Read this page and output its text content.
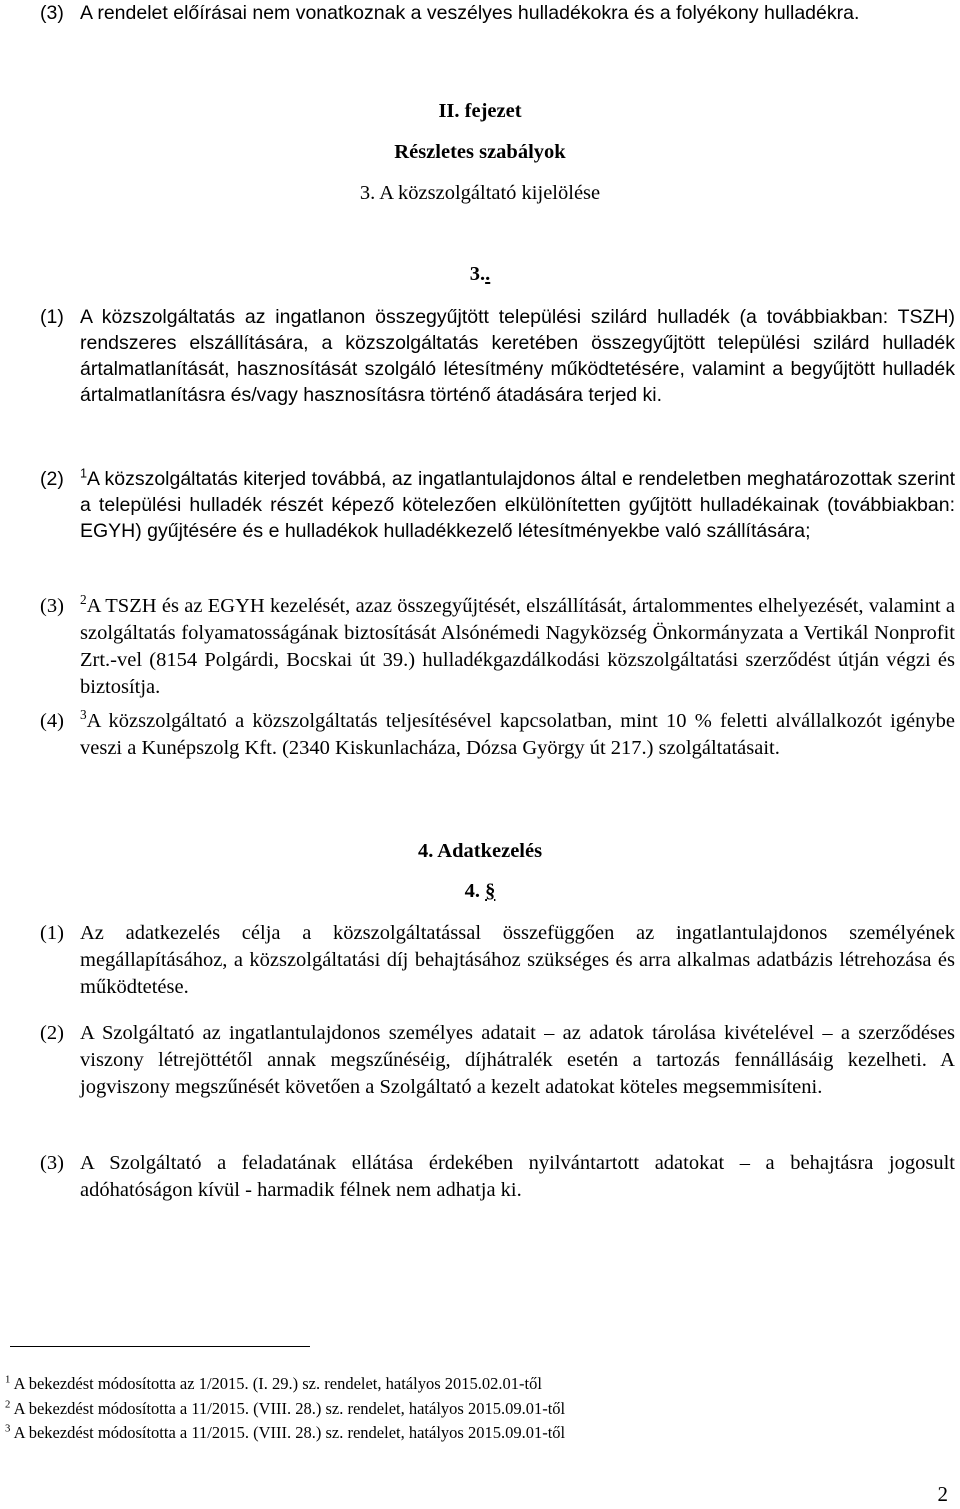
(3) A rendelet előírásai nem vonatkoznak a veszélyes hulladékokra és a folyékony hulladékra.
II. fejezet
Részletes szabályok
3. A közszolgáltató kijelölése
3..
(1) A közszolgáltatás az ingatlanon összegyűjtött települési szilárd hulladék (a továbbiakban: TSZH) rendszeres elszállítására, a közszolgáltatás keretében összegyűjtött települési szilárd hulladék ártalmatlanítását, hasznosítását szolgáló létesítmény működtetésére, valamint a begyűjtött hulladék ártalmatlanításra és/vagy hasznosításra történő átadására terjed ki.
(2)	$^1$A közszolgáltatás kiterjed továbbá, az ingatlantulajdonos által e rendeletben meghatározottak szerint a települési hulladék részét képező kötelezően elkülönítetten gyűjtött hulladékainak (továbbiakban: EGYH) gyűjtésére és e hulladékok hulladékkezelő létesítményekbe való szállítására;
(3)	$^2$A TSZH és az EGYH kezelését, azaz összegyűjtését, elszállítását, ártalommentes elhelyezését, valamint a szolgáltatás folyamatosságának biztosítását Alsónémedi Nagyközség Önkormányzata a Vertikál Nonprofit Zrt.-vel (8154 Polgárdi, Bocskai út 39.) hulladékgazdálkodási közszolgáltatási szerződést útján végzi és biztosítja.
(4)	$^3$A közszolgáltató a közszolgáltatás teljesítésével kapcsolatban, mint 10 % feletti alvállalkozót igénybe veszi a Kunépszolg Kft. (2340 Kiskunlacháza, Dózsa György út 217.) szolgáltatásait.
4. Adatkezelés
4. §
(1) Az adatkezelés célja a közszolgáltatással összefüggően az ingatlantulajdonos személyének megállapításához, a közszolgáltatási díj behajtásához szükséges és arra alkalmas adatbázis létrehozása és működtetése.
(2) A Szolgáltató az ingatlantulajdonos személyes adatait – az adatok tárolása kivételével – a szerződéses viszony létrejöttétől annak megszűnéséig, díjhátralék esetén a tartozás fennállásáig kezelheti. A jogviszony megszűnését követően a Szolgáltató a kezelt adatokat köteles megsemmisíteni.
(3) A Szolgáltató a feladatának ellátása érdekében nyilvántartott adatokat – a behajtásra jogosult adóhatóságon kívül - harmadik félnek nem adhatja ki.
$^1$ A bekezdést módosította az 1/2015. (I. 29.) sz. rendelet, hatályos 2015.02.01-től
$^2$ A bekezdést módosította a 11/2015. (VIII. 28.) sz. rendelet, hatályos 2015.09.01-től
$^3$ A bekezdést módosította a 11/2015. (VIII. 28.) sz. rendelet, hatályos 2015.09.01-től
2
